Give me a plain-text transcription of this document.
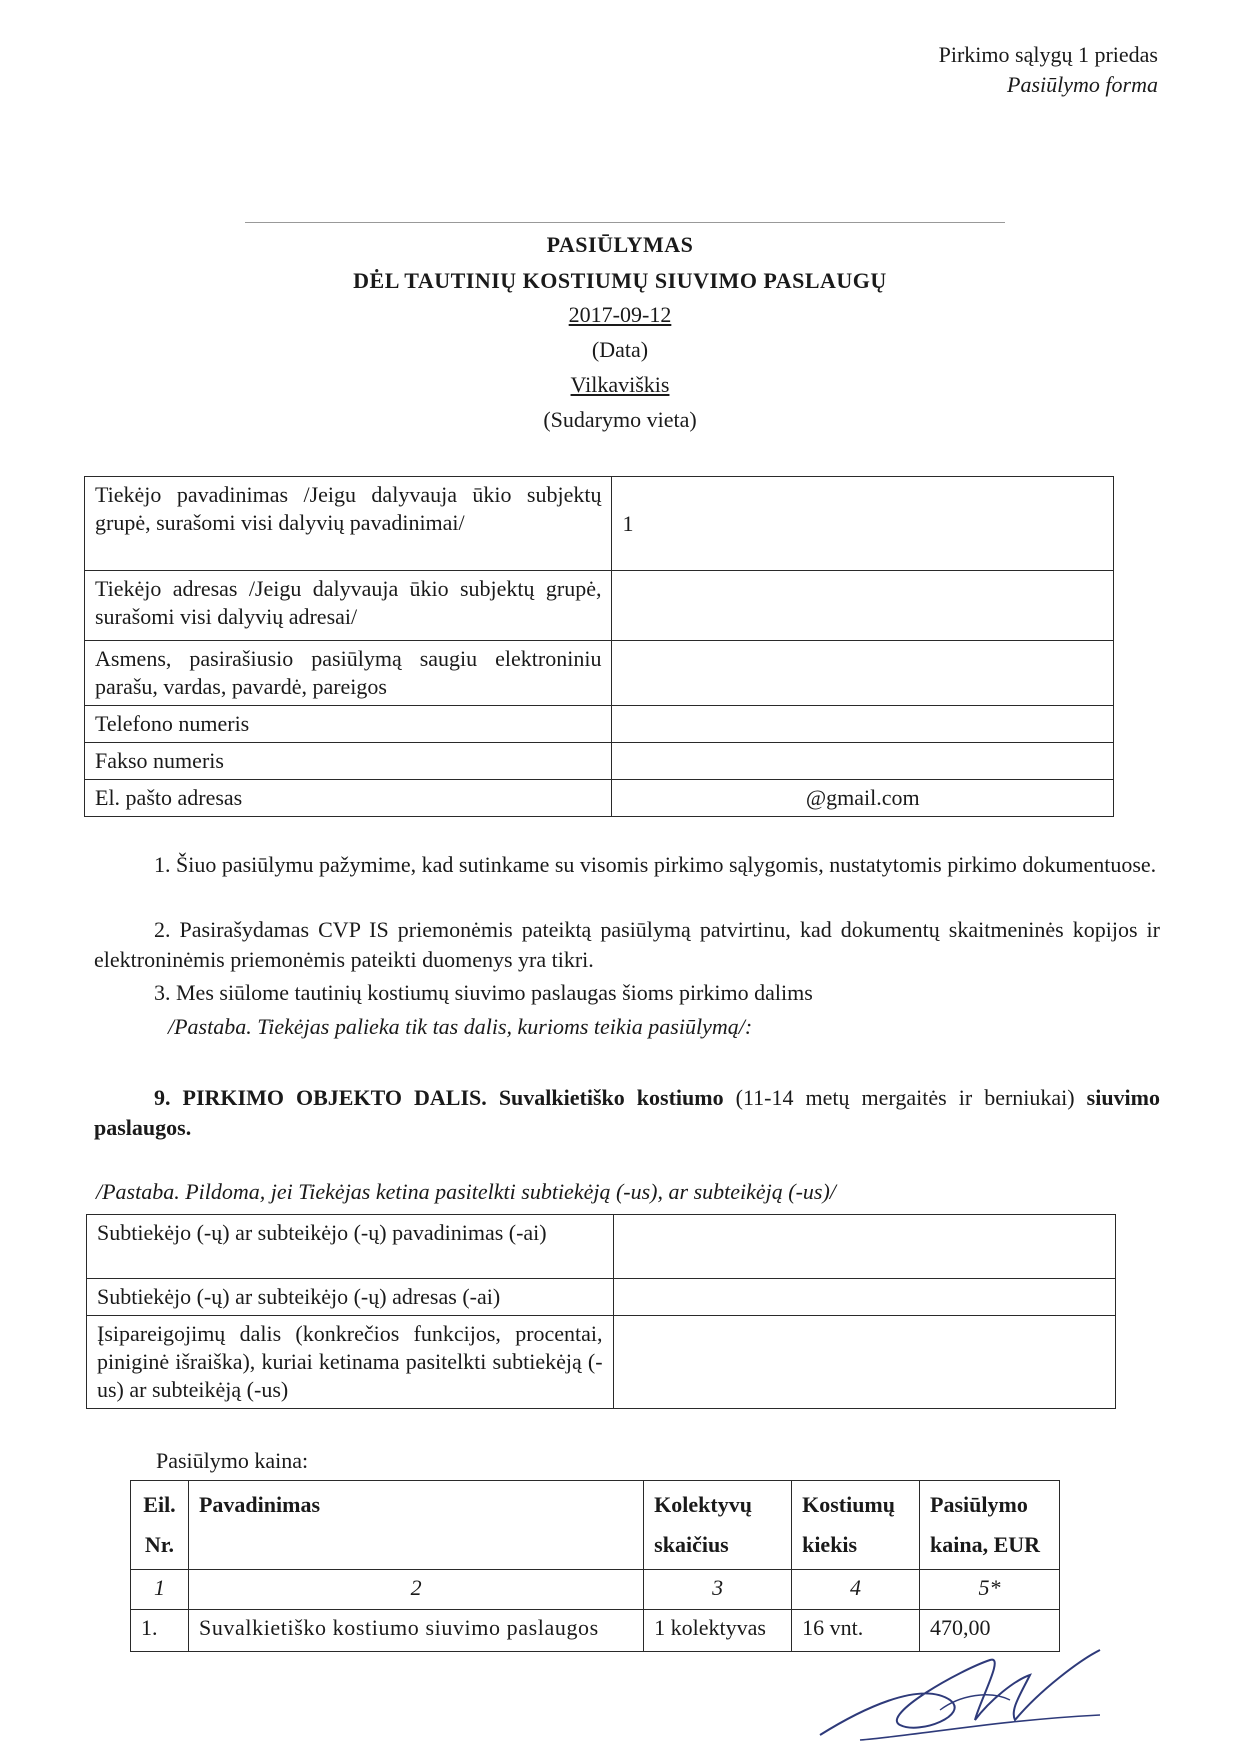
Pirkimo sąlygų 1 priedas
Pasiūlymo forma
PASIŪLYMAS
DĖL TAUTINIŲ KOSTIUMŲ SIUVIMO PASLAUGŲ
2017-09-12
(Data)
Vilkaviškis
(Sudarymo vieta)
Tiekėjo pavadinimas /Jeigu dalyvauja ūkio subjektų grupė, surašomi visi dalyvių pavadinimai/	1
Tiekėjo adresas /Jeigu dalyvauja ūkio subjektų grupė, surašomi visi dalyvių adresai/	
Asmens, pasirašiusio pasiūlymą saugiu elektroniniu parašu, vardas, pavardė, pareigos	
Telefono numeris	
Fakso numeris	
El. pašto adresas	@gmail.com
1. Šiuo pasiūlymu pažymime, kad sutinkame su visomis pirkimo sąlygomis, nustatytomis pirkimo dokumentuose.
2. Pasirašydamas CVP IS priemonėmis pateiktą pasiūlymą patvirtinu, kad dokumentų skaitmeninės kopijos ir elektroninėmis priemonėmis pateikti duomenys yra tikri.
3. Mes siūlome tautinių kostiumų siuvimo paslaugas šioms pirkimo dalims
/Pastaba. Tiekėjas palieka tik tas dalis, kurioms teikia pasiūlymą/:
9. PIRKIMO OBJEKTO DALIS. Suvalkietiško kostiumo (11-14 metų mergaitės ir berniukai) siuvimo paslaugos.
/Pastaba. Pildoma, jei Tiekėjas ketina pasitelkti subtiekėją (-us), ar subteikėją (-us)/
Subtiekėjo (-ų) ar subteikėjo (-ų) pavadinimas (-ai)	
Subtiekėjo (-ų) ar subteikėjo (-ų) adresas (-ai)	
Įsipareigojimų dalis (konkrečios funkcijos, procentai, piniginė išraiška), kuriai ketinama pasitelkti subtiekėją (-us) ar subteikėją (-us)	
Pasiūlymo kaina:
Eil. Nr.	Pavadinimas	Kolektyvų skaičius	Kostiumų kiekis	Pasiūlymo kaina, EUR
1	2	3	4	5*
1.	Suvalkietiško kostiumo siuvimo paslaugos	1 kolektyvas	16 vnt.	470,00
